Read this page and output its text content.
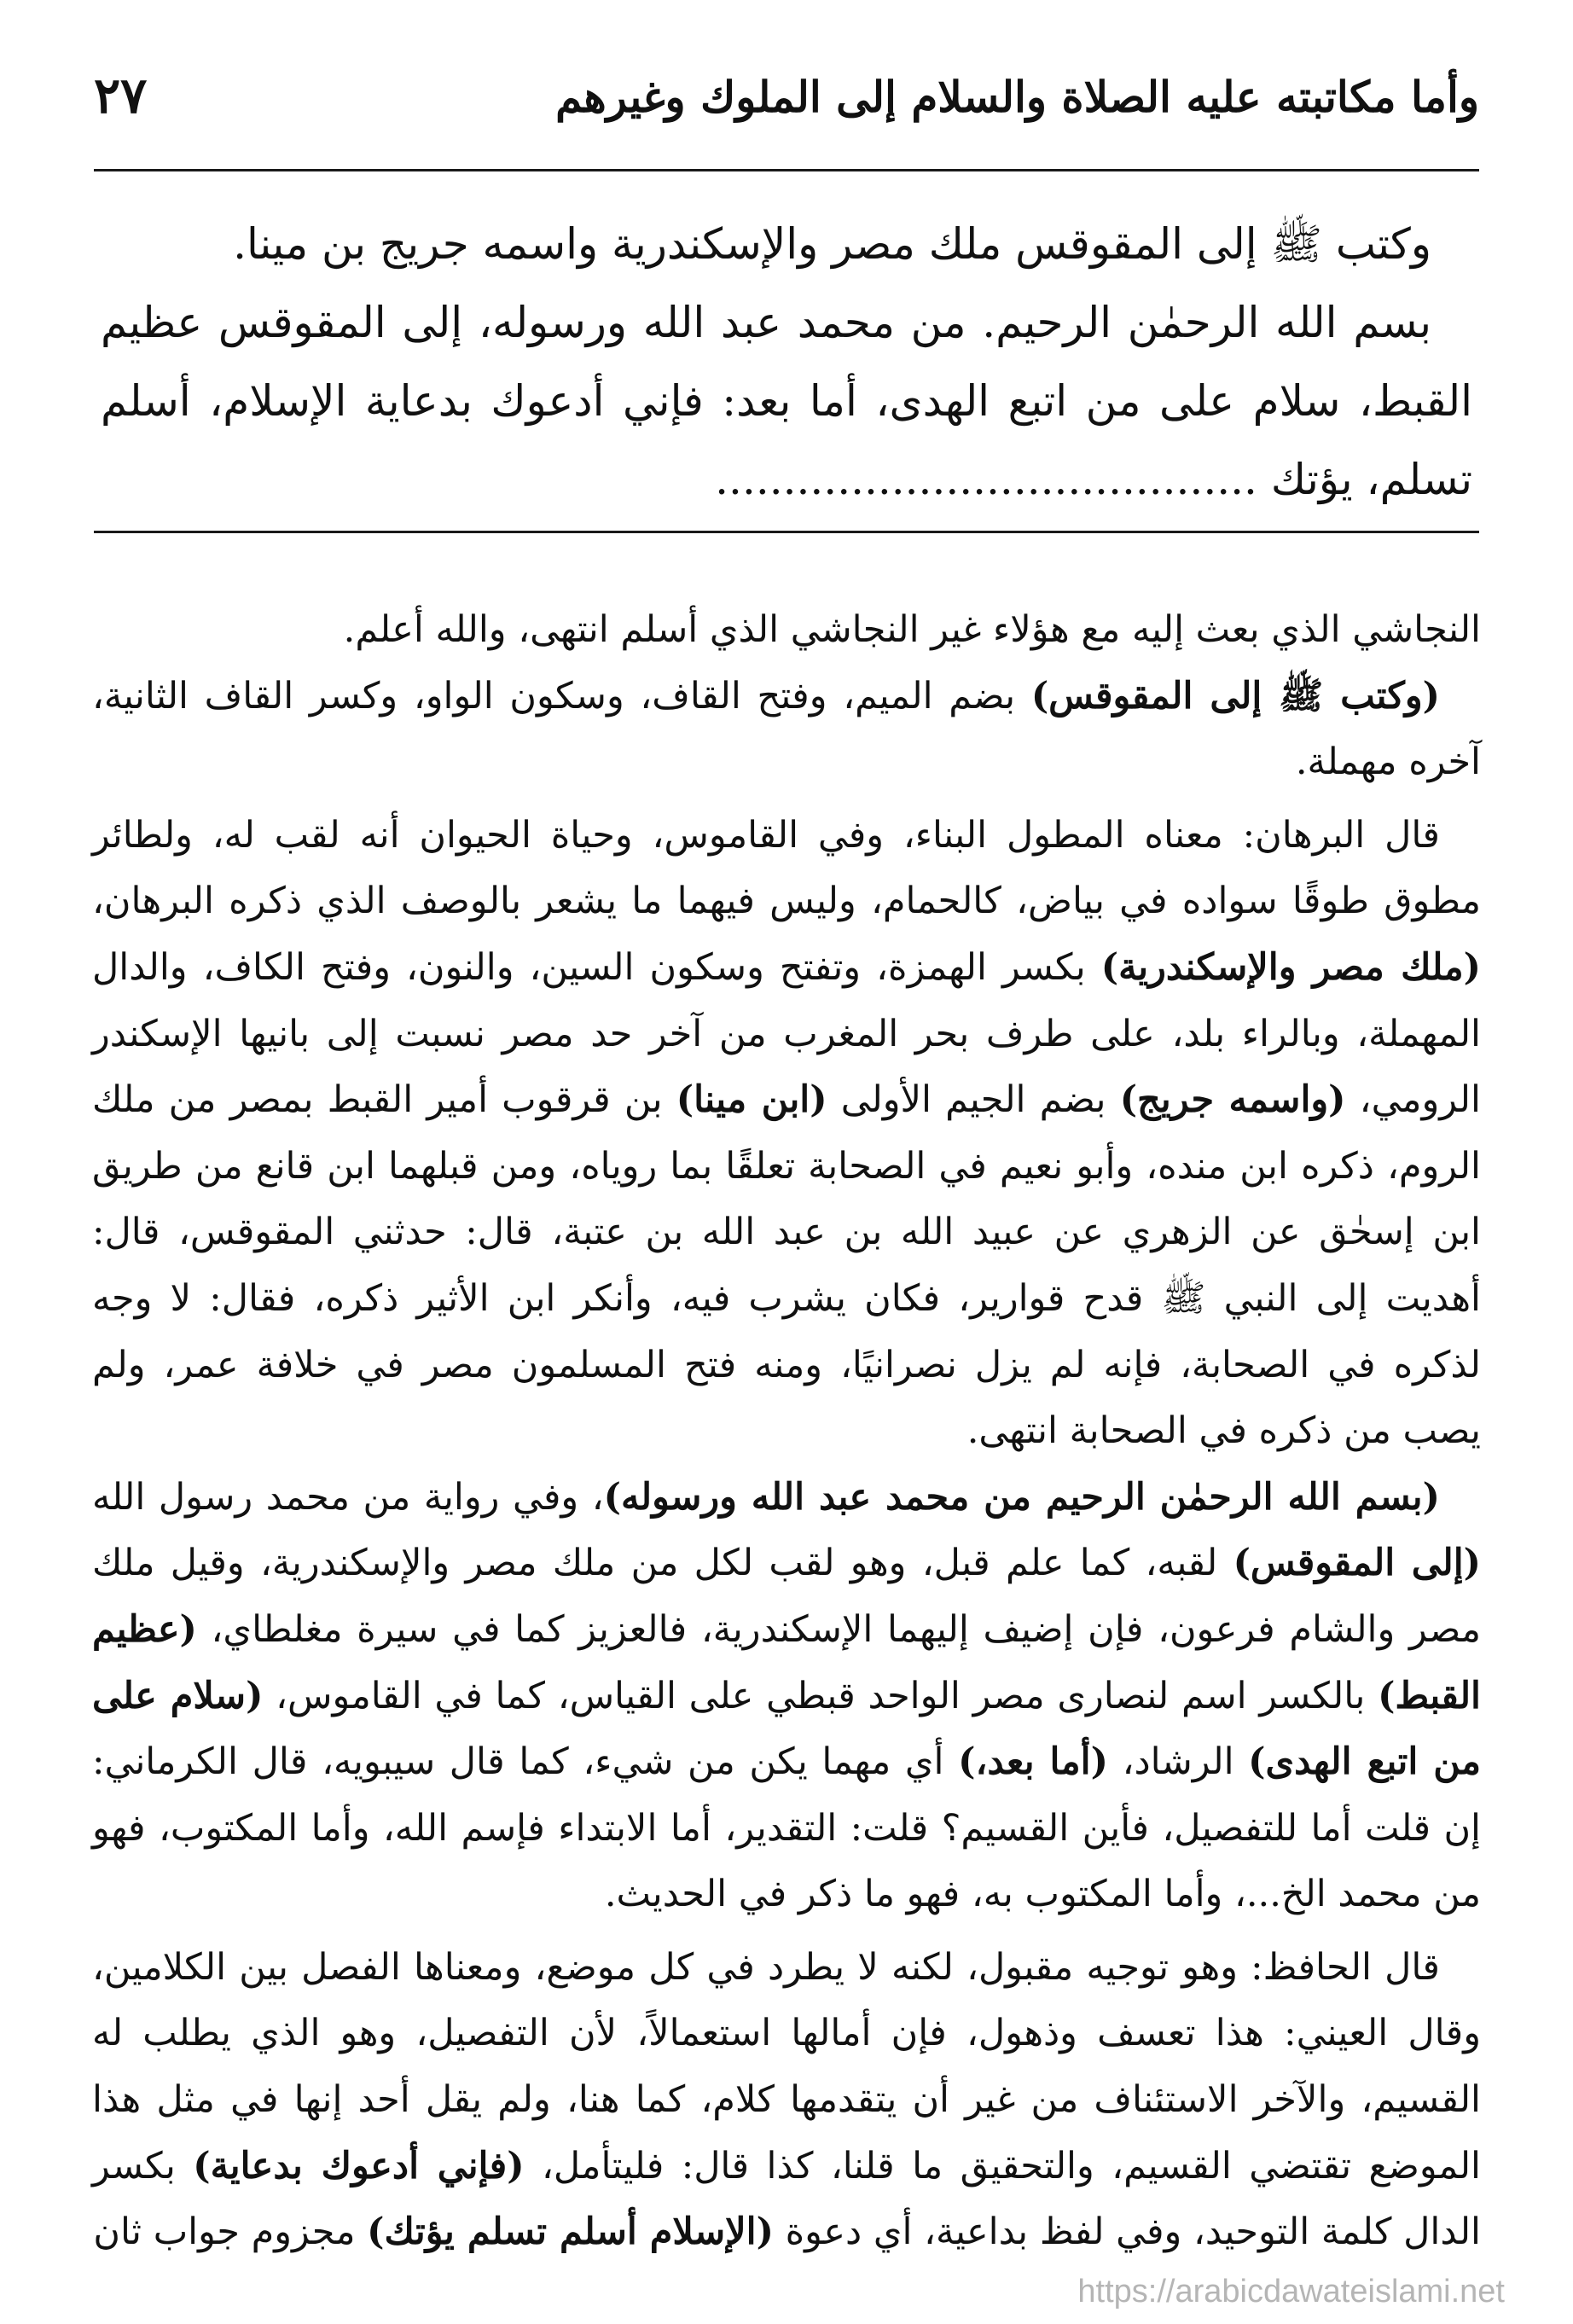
وأما مكاتبته عليه الصلاة والسلام إلى الملوك وغيرهم
٢٧

وكتب ﷺ إلى المقوقس ملك مصر والإسكندرية واسمه جريج بن مينا.

بسم الله الرحمٰن الرحيم. من محمد عبد الله ورسوله، إلى المقوقس عظيم القبط، سلام على من اتبع الهدى، أما بعد: فإني أدعوك بدعاية الإسلام، أسلم تسلم، يؤتك ........................................

النجاشي الذي بعث إليه مع هؤلاء غير النجاشي الذي أسلم انتهى، والله أعلم.

(وكتب ﷺ إلى المقوقس) بضم الميم، وفتح القاف، وسكون الواو، وكسر القاف الثانية، آخره مهملة.

قال البرهان: معناه المطول البناء، وفي القاموس، وحياة الحيوان أنه لقب له، ولطائر مطوق طوقًا سواده في بياض، كالحمام، وليس فيهما ما يشعر بالوصف الذي ذكره البرهان، (ملك مصر والإسكندرية) بكسر الهمزة، وتفتح وسكون السين، والنون، وفتح الكاف، والدال المهملة، وبالراء بلد، على طرف بحر المغرب من آخر حد مصر نسبت إلى بانيها الإسكندر الرومي، (واسمه جريج) بضم الجيم الأولى (ابن مينا) بن قرقوب أمير القبط بمصر من ملك الروم، ذكره ابن منده، وأبو نعيم في الصحابة تعلقًا بما روياه، ومن قبلهما ابن قانع من طريق ابن إسحٰق عن الزهري عن عبيد الله بن عبد الله بن عتبة، قال: حدثني المقوقس، قال: أهديت إلى النبي ﷺ قدح قوارير، فكان يشرب فيه، وأنكر ابن الأثير ذكره، فقال: لا وجه لذكره في الصحابة، فإنه لم يزل نصرانيًا، ومنه فتح المسلمون مصر في خلافة عمر، ولم يصب من ذكره في الصحابة انتهى.

(بسم الله الرحمٰن الرحيم من محمد عبد الله ورسوله)، وفي رواية من محمد رسول الله (إلى المقوقس) لقبه، كما علم قبل، وهو لقب لكل من ملك مصر والإسكندرية، وقيل ملك مصر والشام فرعون، فإن إضيف إليهما الإسكندرية، فالعزيز كما في سيرة مغلطاي، (عظيم القبط) بالكسر اسم لنصارى مصر الواحد قبطي على القياس، كما في القاموس، (سلام على من اتبع الهدى) الرشاد، (أما بعد،) أي مهما يكن من شيء، كما قال سيبويه، قال الكرماني: إن قلت أما للتفصيل، فأين القسيم؟ قلت: التقدير، أما الابتداء فإسم الله، وأما المكتوب، فهو من محمد الخ...، وأما المكتوب به، فهو ما ذكر في الحديث.

قال الحافظ: وهو توجيه مقبول، لكنه لا يطرد في كل موضع، ومعناها الفصل بين الكلامين، وقال العيني: هذا تعسف وذهول، فإن أمالها استعمالاً، لأن التفصيل، وهو الذي يطلب له القسيم، والآخر الاستئناف من غير أن يتقدمها كلام، كما هنا، ولم يقل أحد إنها في مثل هذا الموضع تقتضي القسيم، والتحقيق ما قلنا، كذا قال: فليتأمل، (فإني أدعوك بدعاية) بكسر الدال كلمة التوحيد، وفي لفظ بداعية، أي دعوة (الإسلام أسلم تسلم يؤتك) مجزوم جواب ثان

https://arabicdawateislami.net
